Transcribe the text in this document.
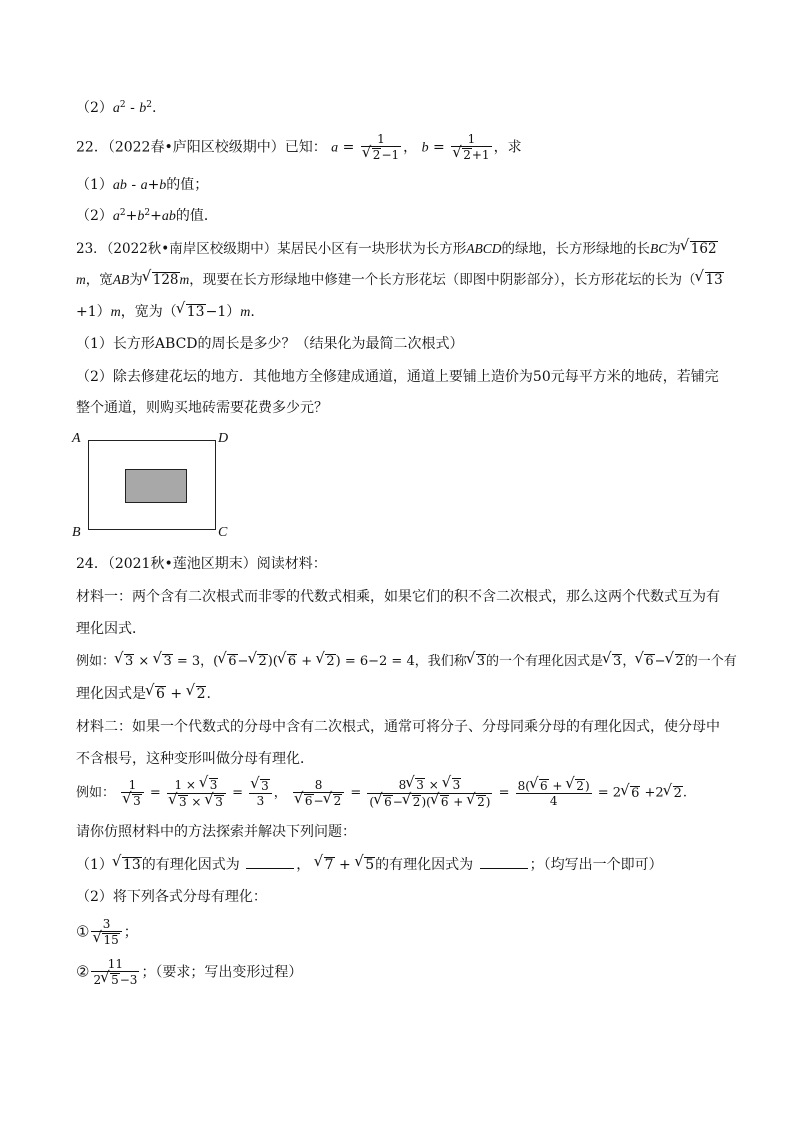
$(2)a^2 - b^2$.
22．（2022春•庐阳区校级期中）已知： a = 1
√ 2−1 ， b = 1
√ 2+1 ，求
（1）ab - a+b的值；
$(2)a^2+b^2+ab$的值．
23．（2022秋•南岸区校级期中）某居民小区有一块形状为长方形ABCD的绿地，长方形绿地的长BC为√ 162
m，宽AB为√ 128m，现要在长方形绿地中修建一个长方形花坛（即图中阴影部分），长方形花坛的长为（√ 13
+1）m，宽为（√ 13−1）m.
（1）长方形ABCD的周长是多少？（结果化为最简二次根式）
（2）除去修建花坛的地方．其他地方全修建成通道，通道上要铺上造价为50元每平方米的地砖，若铺完
整个通道，则购买地砖需要花费多少元？
A	D
B	C
24．（2021秋•莲池区期末）阅读材料：
材料一：两个含有二次根式而非零的代数式相乘，如果它们的积不含二次根式，那么这两个代数式互为有
理化因式．
例如：√ 3 × √ 3 = 3，(√ 6−√ 2)(√ 6 + √ 2) = 6−2 = 4，我们称√ 3的一个有理化因式是√ 3，√ 6−√ 2的一个有
理化因式是√ 6 + √ 2.
材料二：如果一个代数式的分母中含有二次根式，通常可将分子、分母同乘分母的有理化因式，使分母中
不含根号，这种变形叫做分母有理化．
例如： 1
√ 3 = 1 × √ 3
√ 3 × √ 3 =
√ $\frac{3}{3}$ ， 8
√ 6−√ $2 = \frac{8√ 3 \times √ 3}{(√ 6-√ 2)(√ 6 + √ 2)} = \frac{8(√ 6 + √ 2)}{4} = 2√$ 6 +2√ 2.
请你仿照材料中的方法探索并解决下列问题：
（1）√ 13的有理化因式为	， √ 7 + √ 5的有理化因式为	；（均写出一个即可）
（2）将下列各式分母有理化：
① 3
√ 15 ；
② $\frac{11}{2√ 5-3}$ ；（要求；写出变形过程）
